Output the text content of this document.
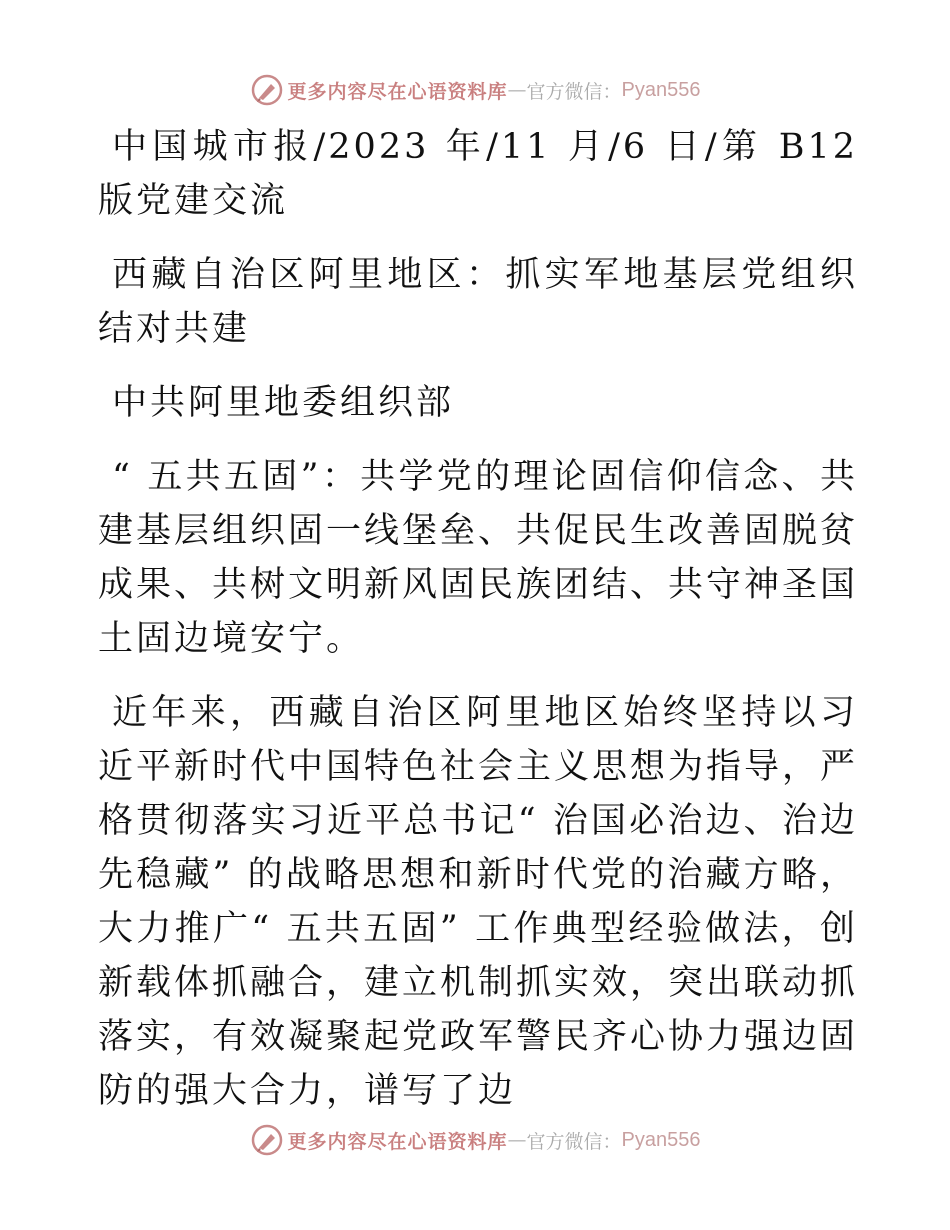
更多内容尽在心语资料库 — 官方微信： Pyan556

中国城市报/2023 年/11 月/6 日/第 B12 版党建交流

西藏自治区阿里地区：抓实军地基层党组织结对共建

中共阿里地委组织部

“ 五共五固”：共学党的理论固信仰信念、共建基层组织固一线堡垒、共促民生改善固脱贫成果、共树文明新风固民族团结、共守神圣国土固边境安宁。

近年来，西藏自治区阿里地区始终坚持以习近平新时代中国特色社会主义思想为指导，严格贯彻落实习近平总书记“ 治国必治边、治边先稳藏” 的战略思想和新时代党的治藏方略，大力推广“ 五共五固” 工作典型经验做法，创新载体抓融合，建立机制抓实效，突出联动抓落实，有效凝聚起党政军警民齐心协力强边固防的强大合力，谱写了边

更多内容尽在心语资料库 — 官方微信： Pyan556
